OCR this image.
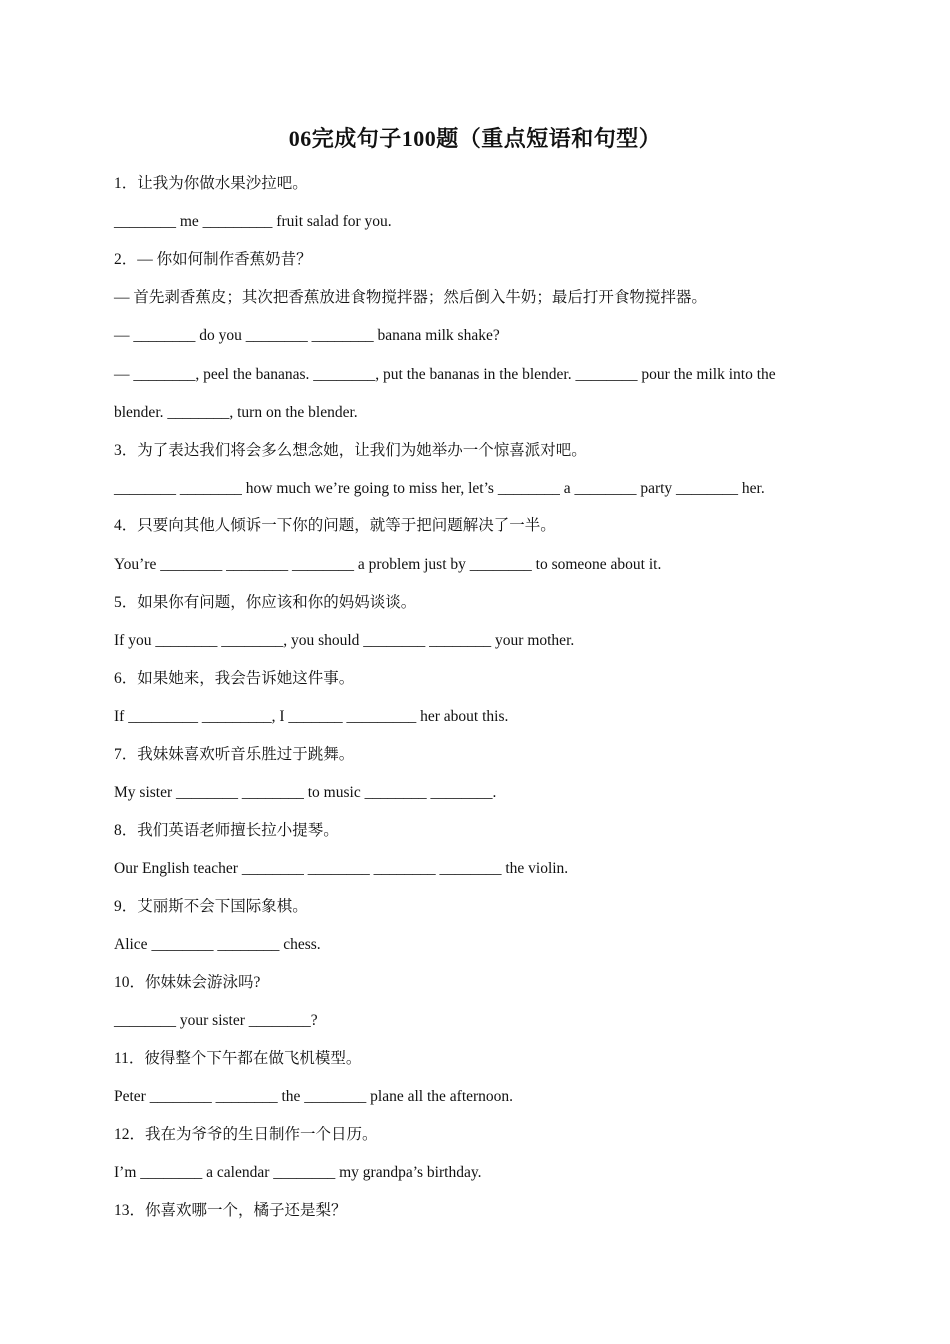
06完成句子100题（重点短语和句型）
1．让我为你做水果沙拉吧。
________ me _________ fruit salad for you.
2．— 你如何制作香蕉奶昔？
— 首先剥香蕉皮；其次把香蕉放进食物搅拌器；然后倒入牛奶；最后打开食物搅拌器。
— ________ do you ________ ________ banana milk shake?
— ________, peel the bananas. ________, put the bananas in the blender. ________ pour the milk into the
blender. ________, turn on the blender.
3．为了表达我们将会多么想念她，让我们为她举办一个惊喜派对吧。
________ ________ how much we’re going to miss her, let’s ________ a ________ party ________ her.
4．只要向其他人倾诉一下你的问题，就等于把问题解决了一半。
You’re ________ ________ ________ a problem just by ________ to someone about it.
5．如果你有问题，你应该和你的妈妈谈谈。
If you ________ ________, you should ________ ________ your mother.
6．如果她来，我会告诉她这件事。
If _________ _________, I _______ _________ her about this.
7．我妹妹喜欢听音乐胜过于跳舞。
My sister ________ ________ to music ________ ________.
8．我们英语老师擅长拉小提琴。
Our English teacher ________ ________ ________ ________ the violin.
9．艾丽斯不会下国际象棋。
Alice ________ ________ chess.
10．你妹妹会游泳吗?
________ your sister ________?
11．彼得整个下午都在做飞机模型。
Peter ________ ________ the ________ plane all the afternoon.
12．我在为爷爷的生日制作一个日历。
I’m ________ a calendar ________ my grandpa’s birthday.
13．你喜欢哪一个，橘子还是梨？
